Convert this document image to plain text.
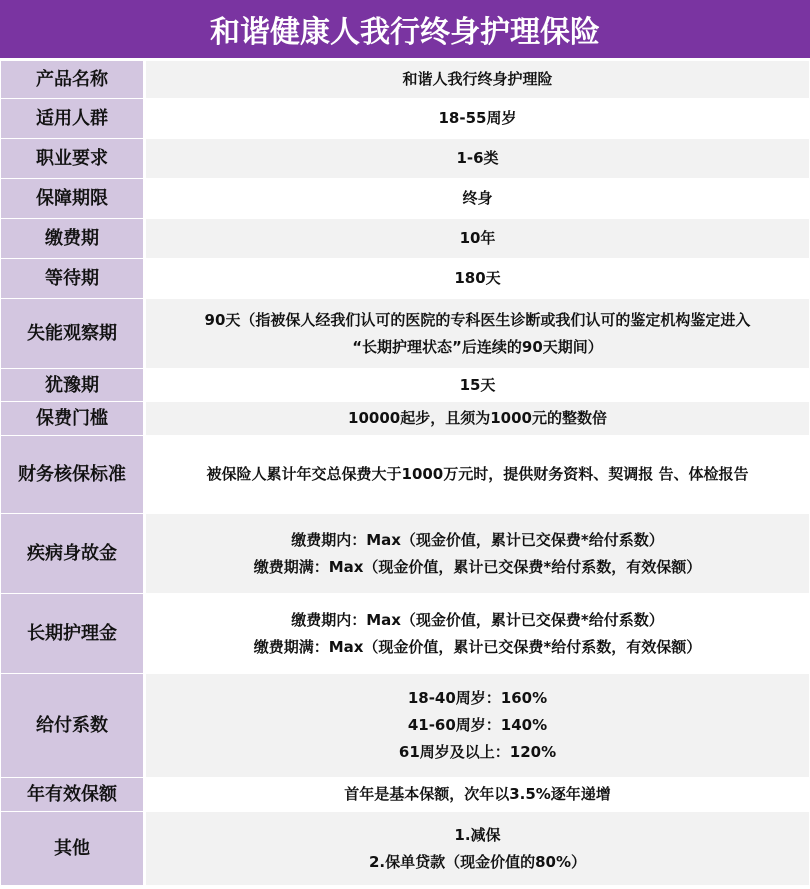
和谐健康人我行终身护理保险
产品名称	和谐人我行终身护理险

适用人群	18-55周岁

职业要求	1-6类

保障期限	终身

缴费期	10年

等待期	180天

失能观察期	90天（指被保人经我们认可的医院的专科医生诊断或我们认可的鉴定机构鉴定进入
“长期护理状态”后连续的90天期间）

犹豫期	15天

保费门槛	10000起步，且须为1000元的整数倍

财务核保标准	被保险人累计年交总保费大于1000万元时，提供财务资料、契调报 告、体检报告

疾病身故金	缴费期内：Max（现金价值，累计已交保费*给付系数）
缴费期满：Max（现金价值，累计已交保费*给付系数，有效保额）

长期护理金	缴费期内：Max（现金价值，累计已交保费*给付系数）
缴费期满：Max（现金价值，累计已交保费*给付系数，有效保额）

给付系数	18-40周岁：160%
41-60周岁：140%
61周岁及以上：120%

年有效保额	首年是基本保额，次年以3.5%逐年递增

其他	1.减保
2.保单贷款（现金价值的80%）
